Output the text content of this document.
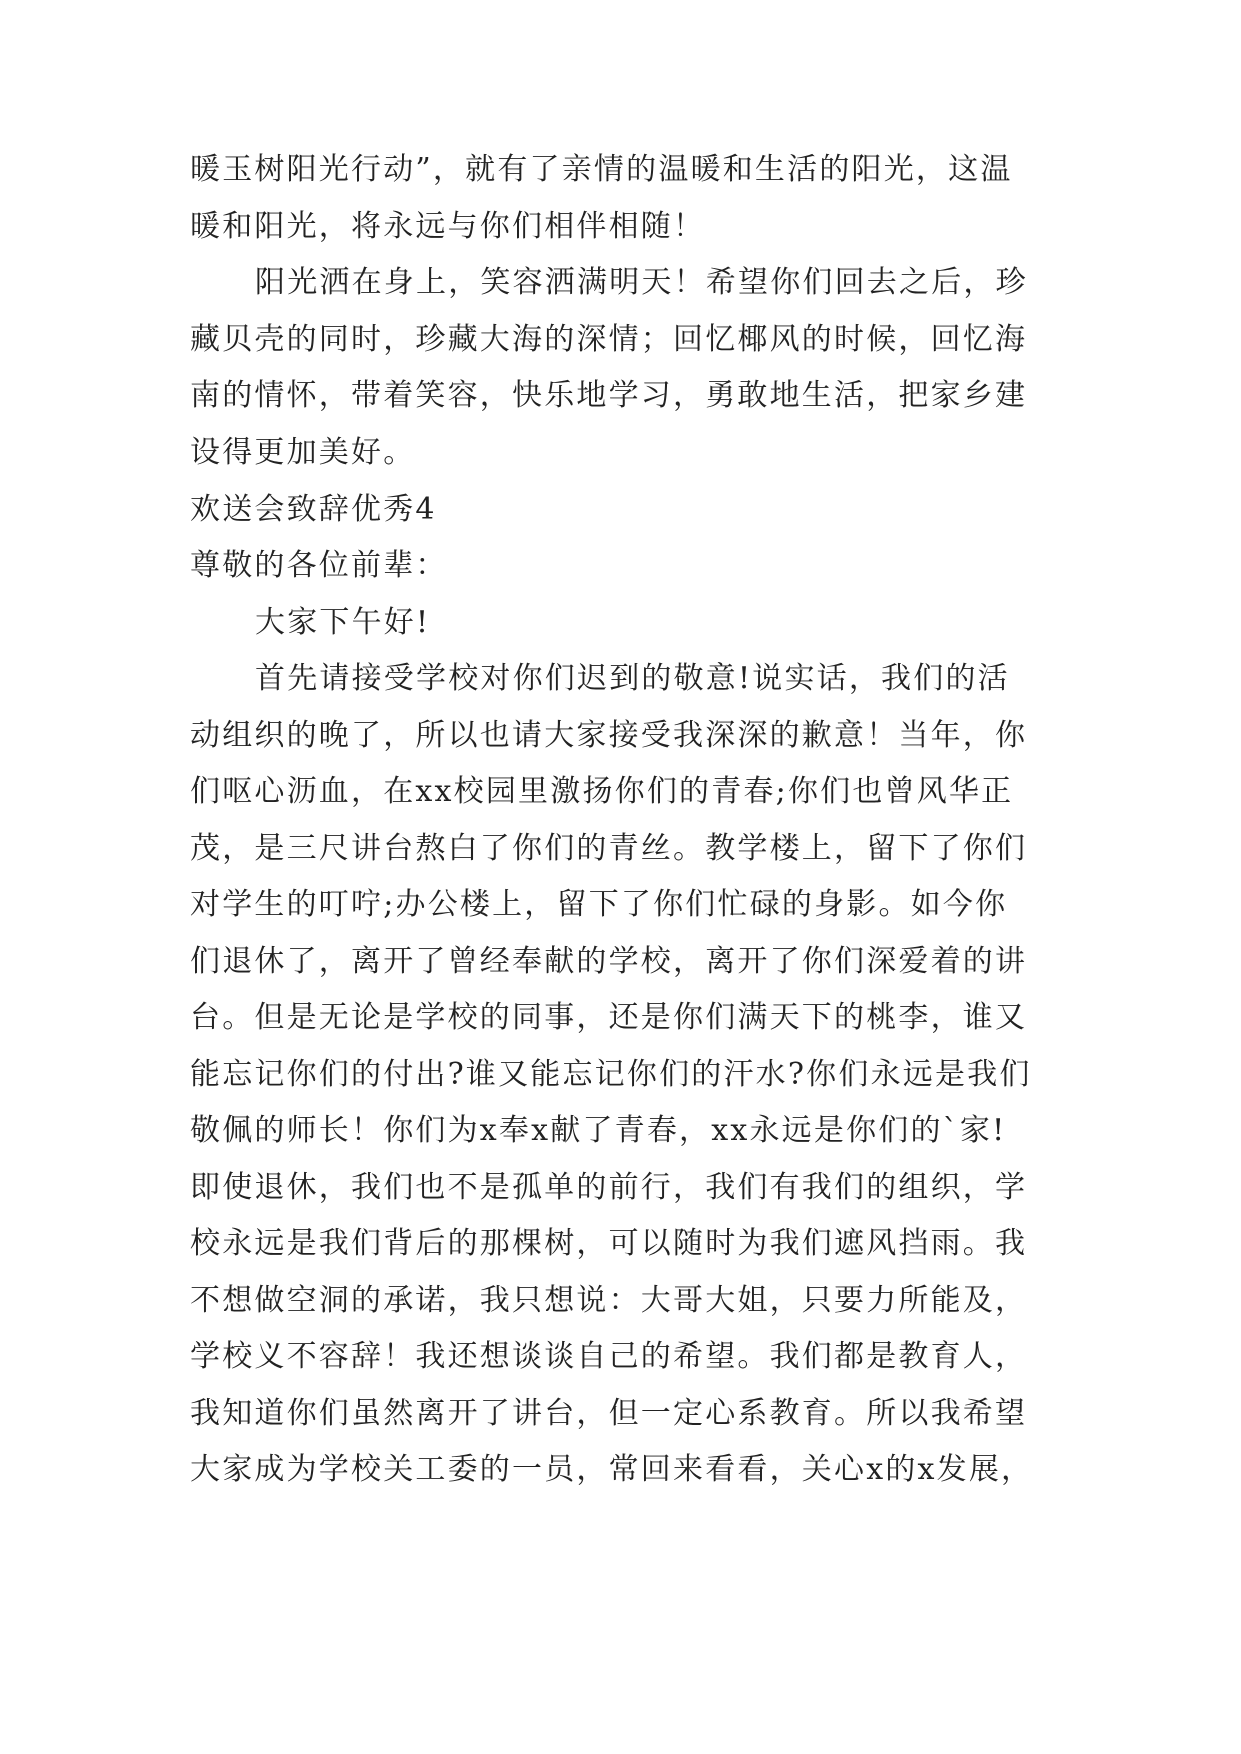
暖玉树阳光行动”，就有了亲情的温暖和生活的阳光，这温
暖和阳光，将永远与你们相伴相随！
阳光洒在身上，笑容洒满明天！希望你们回去之后，珍
藏贝壳的同时，珍藏大海的深情；回忆椰风的时候，回忆海
南的情怀，带着笑容，快乐地学习，勇敢地生活，把家乡建
设得更加美好。
欢送会致辞优秀4
尊敬的各位前辈：
大家下午好!
首先请接受学校对你们迟到的敬意!说实话，我们的活
动组织的晚了，所以也请大家接受我深深的歉意！当年，你
们呕心沥血，在xx校园里激扬你们的青春;你们也曾风华正
茂，是三尺讲台熬白了你们的青丝。教学楼上，留下了你们
对学生的叮咛;办公楼上，留下了你们忙碌的身影。如今你
们退休了，离开了曾经奉献的学校，离开了你们深爱着的讲
台。但是无论是学校的同事，还是你们满天下的桃李，谁又
能忘记你们的付出?谁又能忘记你们的汗水?你们永远是我们
敬佩的师长！你们为x奉x献了青春，xx永远是你们的`家!
即使退休，我们也不是孤单的前行，我们有我们的组织，学
校永远是我们背后的那棵树，可以随时为我们遮风挡雨。我
不想做空洞的承诺，我只想说：大哥大姐，只要力所能及，
学校义不容辞！我还想谈谈自己的希望。我们都是教育人，
我知道你们虽然离开了讲台，但一定心系教育。所以我希望
大家成为学校关工委的一员，常回来看看，关心x的x发展，
